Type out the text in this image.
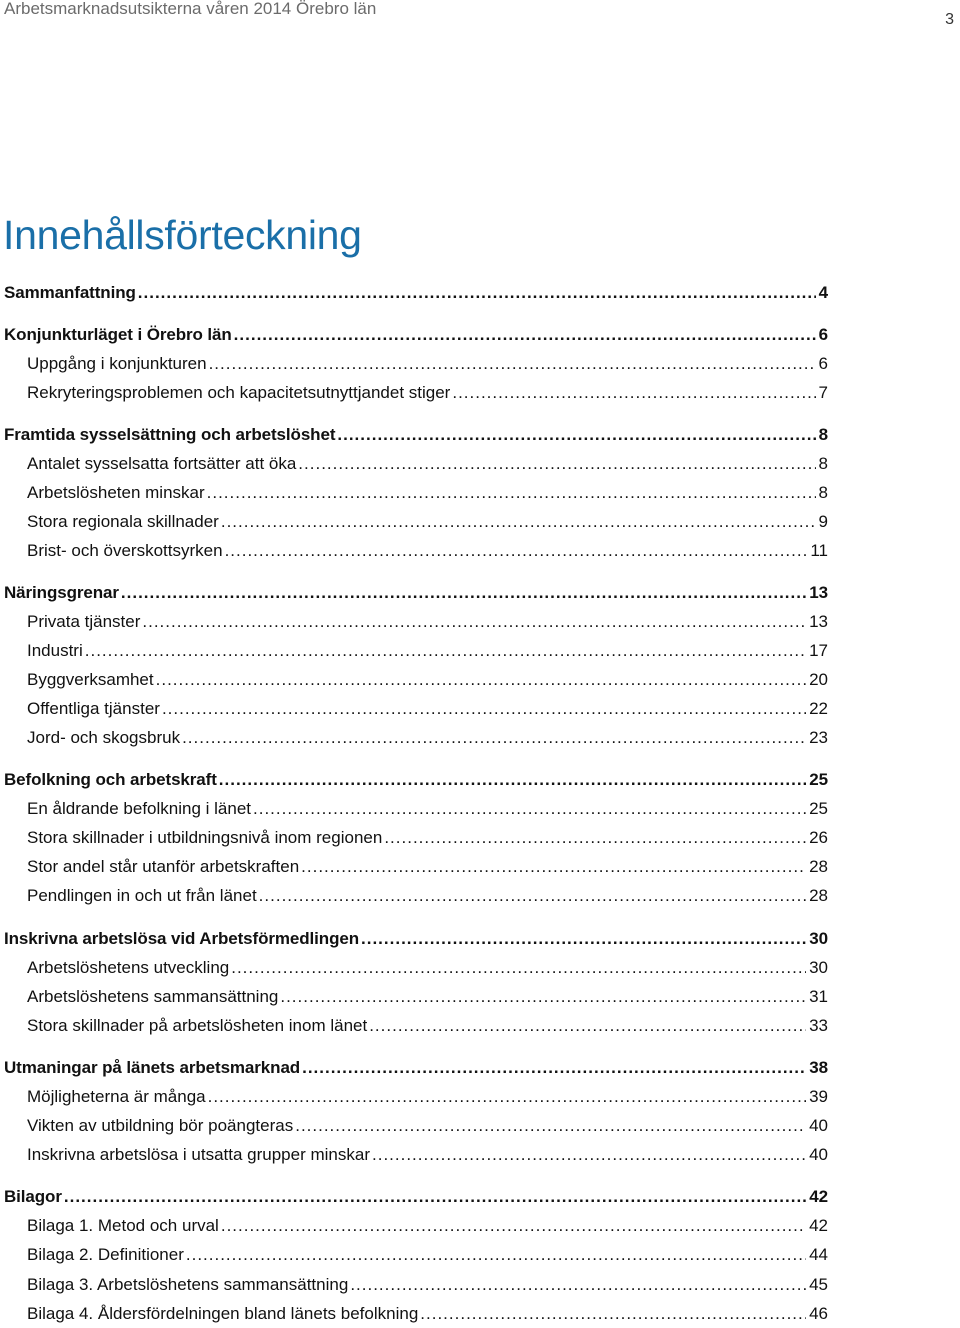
Arbetsmarknadsutsikterna våren 2014 Örebro län
3
Innehållsförteckning
Sammanfattning .....	4
Konjunkturläget i Örebro län .....	6
Uppgång i konjunkturen .....	6
Rekryteringsproblemen och kapacitetsutnyttjandet stiger .....	7
Framtida sysselsättning och arbetslöshet .....	8
Antalet sysselsatta fortsätter att öka .....	8
Arbetslösheten minskar .....	8
Stora regionala skillnader .....	9
Brist- och överskottsyrken .....	11
Näringsgrenar .....	13
Privata tjänster .....	13
Industri .....	17
Byggverksamhet .....	20
Offentliga tjänster .....	22
Jord- och skogsbruk .....	23
Befolkning och arbetskraft .....	25
En åldrande befolkning i länet .....	25
Stora skillnader i utbildningsnivå inom regionen .....	26
Stor andel står utanför arbetskraften .....	28
Pendlingen in och ut från länet .....	28
Inskrivna arbetslösa vid Arbetsförmedlingen .....	30
Arbetslöshetens utveckling .....	30
Arbetslöshetens sammansättning .....	31
Stora skillnader på arbetslösheten inom länet .....	33
Utmaningar på länets arbetsmarknad .....	38
Möjligheterna är många .....	39
Vikten av utbildning bör poängteras .....	40
Inskrivna arbetslösa i utsatta grupper minskar .....	40
Bilagor .....	42
Bilaga 1. Metod och urval .....	42
Bilaga 2. Definitioner .....	44
Bilaga 3. Arbetslöshetens sammansättning .....	45
Bilaga 4. Åldersfördelningen bland länets befolkning .....	46
